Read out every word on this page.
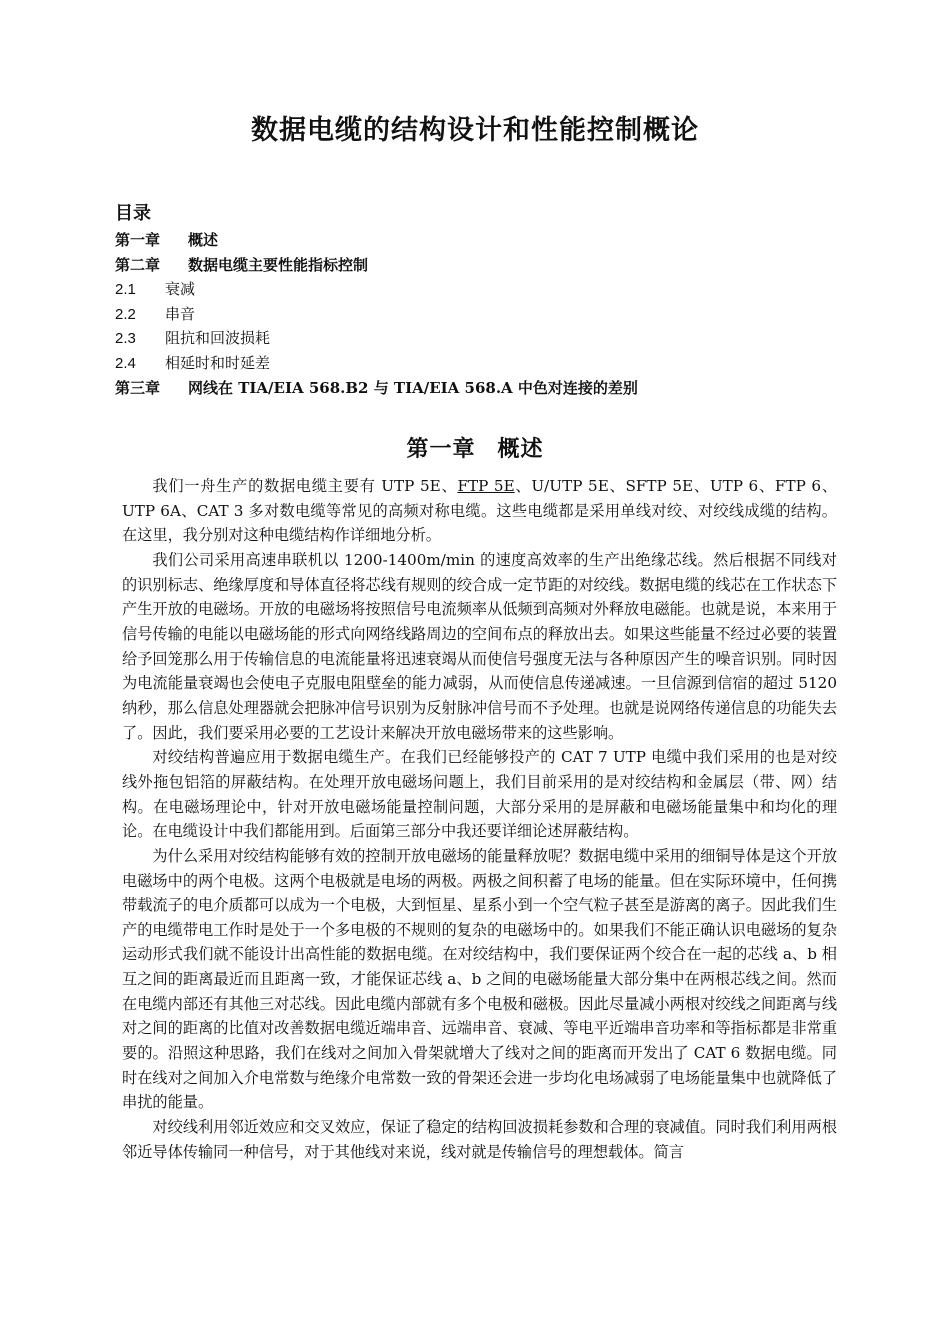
数据电缆的结构设计和性能控制概论
目录
第一章 概述
第二章 数据电缆主要性能指标控制
2.1 衰减
2.2 串音
2.3 阻抗和回波损耗
2.4 相延时和时延差
第三章 网线在 TIA/EIA 568.B2 与 TIA/EIA 568.A 中色对连接的差别
第一章 概述

我们一舟生产的数据电缆主要有 UTP 5E、FTP 5E、U/UTP 5E、SFTP 5E、UTP 6、FTP 6、UTP 6A、CAT 3 多对数电缆等常见的高频对称电缆。这些电缆都是采用单线对绞、对绞线成缆的结构。在这里，我分别对这种电缆结构作详细地分析。

我们公司采用高速串联机以 1200-1400m/min 的速度高效率的生产出绝缘芯线。然后根据不同线对的识别标志、绝缘厚度和导体直径将芯线有规则的绞合成一定节距的对绞线。数据电缆的线芯在工作状态下产生开放的电磁场。开放的电磁场将按照信号电流频率从低频到高频对外释放电磁能。也就是说，本来用于信号传输的电能以电磁场能的形式向网络线路周边的空间布点的释放出去。如果这些能量不经过必要的装置给予回笼那么用于传输信息的电流能量将迅速衰竭从而使信号强度无法与各种原因产生的噪音识别。同时因为电流能量衰竭也会使电子克服电阻壁垒的能力减弱，从而使信息传递减速。一旦信源到信宿的超过 5120 纳秒，那么信息处理器就会把脉冲信号识别为反射脉冲信号而不予处理。也就是说网络传递信息的功能失去了。因此，我们要采用必要的工艺设计来解决开放电磁场带来的这些影响。

对绞结构普遍应用于数据电缆生产。在我们已经能够投产的 CAT 7 UTP 电缆中我们采用的也是对绞线外拖包铝箔的屏蔽结构。在处理开放电磁场问题上，我们目前采用的是对绞结构和金属层（带、网）结构。在电磁场理论中，针对开放电磁场能量控制问题，大部分采用的是屏蔽和电磁场能量集中和均化的理论。在电缆设计中我们都能用到。后面第三部分中我还要详细论述屏蔽结构。

为什么采用对绞结构能够有效的控制开放电磁场的能量释放呢？数据电缆中采用的细铜导体是这个开放电磁场中的两个电极。这两个电极就是电场的两极。两极之间积蓄了电场的能量。但在实际环境中，任何携带载流子的电介质都可以成为一个电极，大到恒星、星系小到一个空气粒子甚至是游离的离子。因此我们生产的电缆带电工作时是处于一个多电极的不规则的复杂的电磁场中的。如果我们不能正确认识电磁场的复杂运动形式我们就不能设计出高性能的数据电缆。在对绞结构中，我们要保证两个绞合在一起的芯线 a、b 相互之间的距离最近而且距离一致，才能保证芯线 a、b 之间的电磁场能量大部分集中在两根芯线之间。然而在电缆内部还有其他三对芯线。因此电缆内部就有多个电极和磁极。因此尽量减小两根对绞线之间距离与线对之间的距离的比值对改善数据电缆近端串音、远端串音、衰减、等电平近端串音功率和等指标都是非常重要的。沿照这种思路，我们在线对之间加入骨架就增大了线对之间的距离而开发出了 CAT 6 数据电缆。同时在线对之间加入介电常数与绝缘介电常数一致的骨架还会进一步均化电场减弱了电场能量集中也就降低了串扰的能量。

对绞线利用邻近效应和交叉效应，保证了稳定的结构回波损耗参数和合理的衰减值。同时我们利用两根邻近导体传输同一种信号，对于其他线对来说，线对就是传输信号的理想载体。简言
